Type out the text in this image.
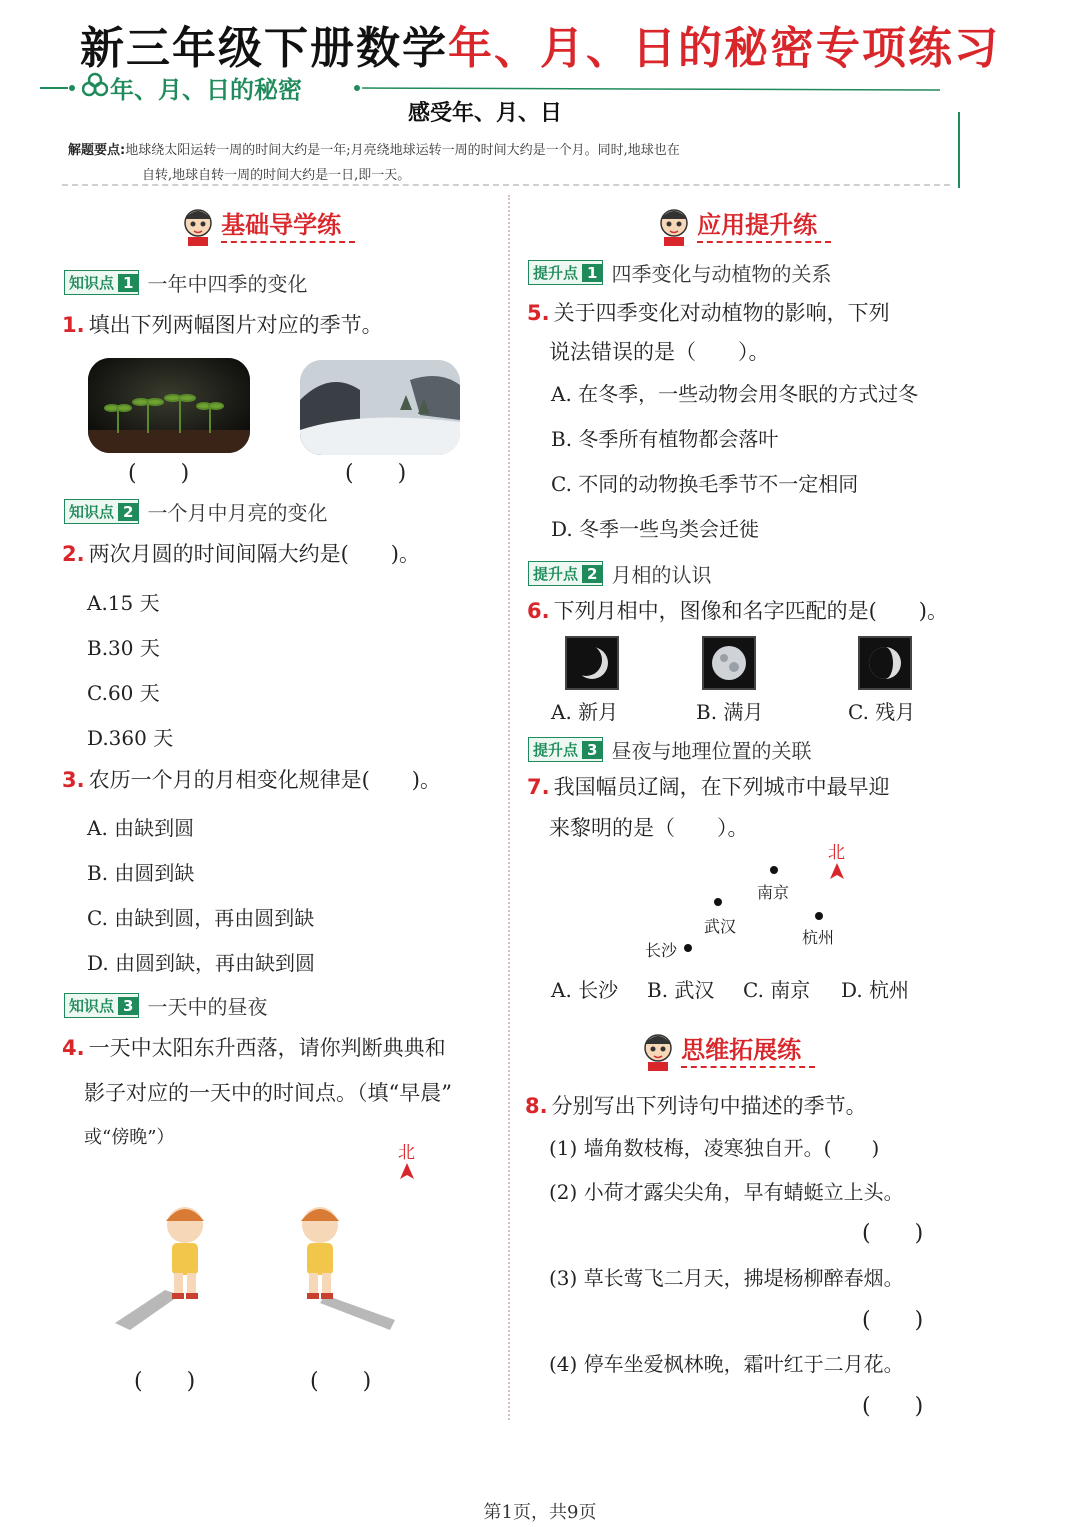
新三年级下册数学年、月、日的秘密专项练习
年、月、日的秘密
感受年、月、日
解题要点:地球绕太阳运转一周的时间大约是一年;月亮绕地球运转一周的时间大约是一个月。同时,地球也在
自转,地球自转一周的时间大约是一日,即一天。
基础导学练
知识点 1 一年中四季的变化
1. 填出下列两幅图片对应的季节。
(　　)	(　　)
知识点 2 一个月中月亮的变化
2. 两次月圆的时间间隔大约是(　　)。
A.15 天
B.30 天
C.60 天
D.360 天
3. 农历一个月的月相变化规律是(　　)。
A. 由缺到圆
B. 由圆到缺
C. 由缺到圆，再由圆到缺
D. 由圆到缺，再由缺到圆
知识点 3 一天中的昼夜
4. 一天中太阳东升西落，请你判断典典和
影子对应的一天中的时间点。（填“早晨”
或“傍晚”）
北
(　　)	(　　)
应用提升练
提升点 1 四季变化与动植物的关系
5. 关于四季变化对动植物的影响，下列
说法错误的是（　　）。
A. 在冬季，一些动物会用冬眠的方式过冬
B. 冬季所有植物都会落叶
C. 不同的动物换毛季节不一定相同
D. 冬季一些鸟类会迁徙
提升点 2 月相的认识
6. 下列月相中，图像和名字匹配的是(　　)。
A. 新月	B. 满月	C. 残月
提升点 3 昼夜与地理位置的关联
7. 我国幅员辽阔，在下列城市中最早迎
来黎明的是（　　）。
北
南京
武汉
杭州
长沙
A. 长沙 B. 武汉 C. 南京 D. 杭州
思维拓展练
8. 分别写出下列诗句中描述的季节。
(1) 墙角数枝梅，凌寒独自开。(　　)
(2) 小荷才露尖尖角，早有蜻蜓立上头。
(　　)
(3) 草长莺飞二月天，拂堤杨柳醉春烟。
(　　)
(4) 停车坐爱枫林晚，霜叶红于二月花。
(　　)
第1页，共9页
